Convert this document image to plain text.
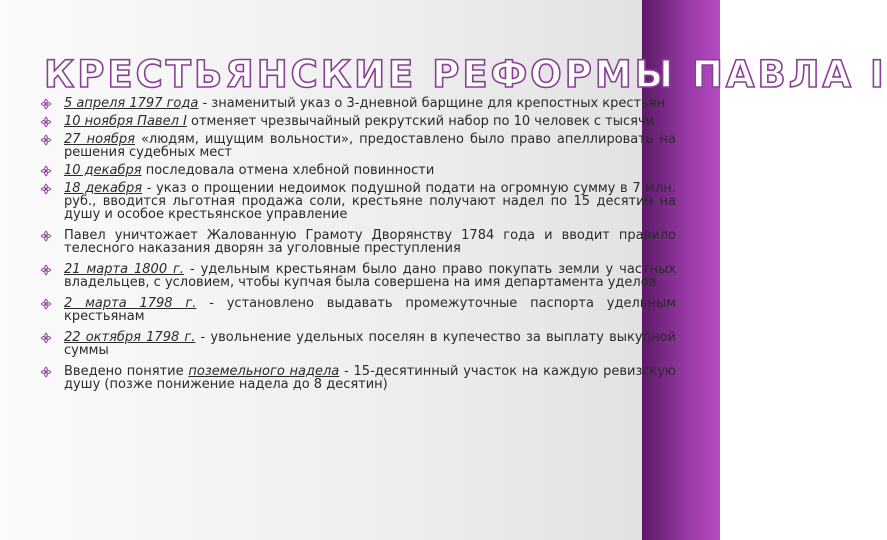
КРЕСТЬЯНСКИЕ РЕФОРМЫ ПАВЛА I
5 апреля 1797 года - знаменитый указ о 3-дневной барщине для крепостных крестьян
10 ноября Павел I отменяет чрезвычайный рекрутский набор по 10 человек с тысячи
27 ноября «людям, ищущим вольности», предоставлено было право апеллировать на решения судебных мест
10 декабря последовала отмена хлебной повинности
18 декабря - указ о прощении недоимок подушной подати на огромную сумму в 7 млн. руб., вводится льготная продажа соли, крестьяне получают надел по 15 десятин на душу и особое крестьянское управление
Павел уничтожает Жалованную Грамоту Дворянству 1784 года и вводит правило телесного наказания дворян за уголовные преступления
21 марта 1800 г. - удельным крестьянам было дано право покупать земли у частных владельцев, с условием, чтобы купчая была совершена на имя департамента уделов
2 марта 1798 г. - установлено выдавать промежуточные паспорта удельным крестьянам
22 октября 1798 г. - увольнение удельных поселян в купечество за выплату выкупной суммы
Введено понятие поземельного надела - 15-десятинный участок на каждую ревизскую душу (позже понижение надела до 8 десятин)
